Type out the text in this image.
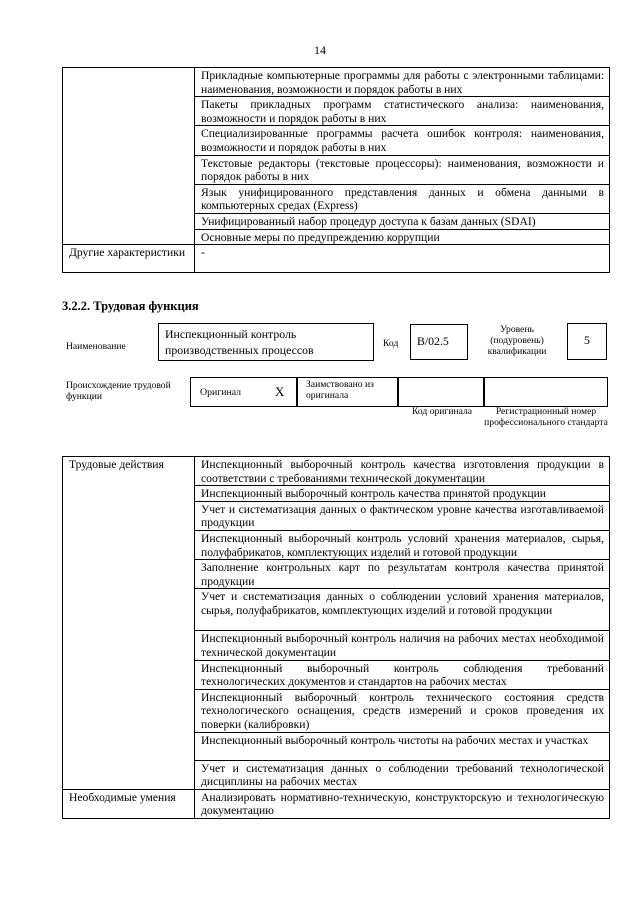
14
	Прикладные компьютерные программы для работы с электронными таблицами: наименования, возможности и порядок работы в них
	Пакеты прикладных программ статистического анализа: наименования, возможности и порядок работы в них
	Специализированные программы расчета ошибок контроля: наименования, возможности и порядок работы в них
	Текстовые редакторы (текстовые процессоры): наименования, возможности и порядок работы в них
	Язык унифицированного представления данных и обмена данными в компьютерных средах (Express)
	Унифицированный набор процедур доступа к базам данных (SDAI)
	Основные меры по предупреждению коррупции
Другие характеристики	-
3.2.2. Трудовая функция
Наименование
Инспекционный контроль производственных процессов	Код	B/02.5
Уровень (подуровень) квалификации
5
Происхождение трудовой функции	Оригинал	X	Заимствовано из оригинала
Код оригинала	Регистрационный номер профессионального стандарта
Трудовые действия	Инспекционный выборочный контроль качества изготовления продукции в соответствии с требованиями технической документации
	Инспекционный выборочный контроль качества принятой продукции
	Учет и систематизация данных о фактическом уровне качества изготавливаемой продукции
	Инспекционный выборочный контроль условий хранения материалов, сырья, полуфабрикатов, комплектующих изделий и готовой продукции
	Заполнение контрольных карт по результатам контроля качества принятой продукции
	Учет и систематизация данных о соблюдении условий хранения материалов, сырья, полуфабрикатов, комплектующих изделий и готовой продукции
	Инспекционный выборочный контроль наличия на рабочих местах необходимой технической документации
	Инспекционный выборочный контроль соблюдения требований технологических документов и стандартов на рабочих местах
	Инспекционный выборочный контроль технического состояния средств технологического оснащения, средств измерений и сроков проведения их поверки (калибровки)
	Инспекционный выборочный контроль чистоты на рабочих местах и участках
	Учет и систематизация данных о соблюдении требований технологической дисциплины на рабочих местах
Необходимые умения	Анализировать нормативно-техническую, конструкторскую и технологическую документацию
